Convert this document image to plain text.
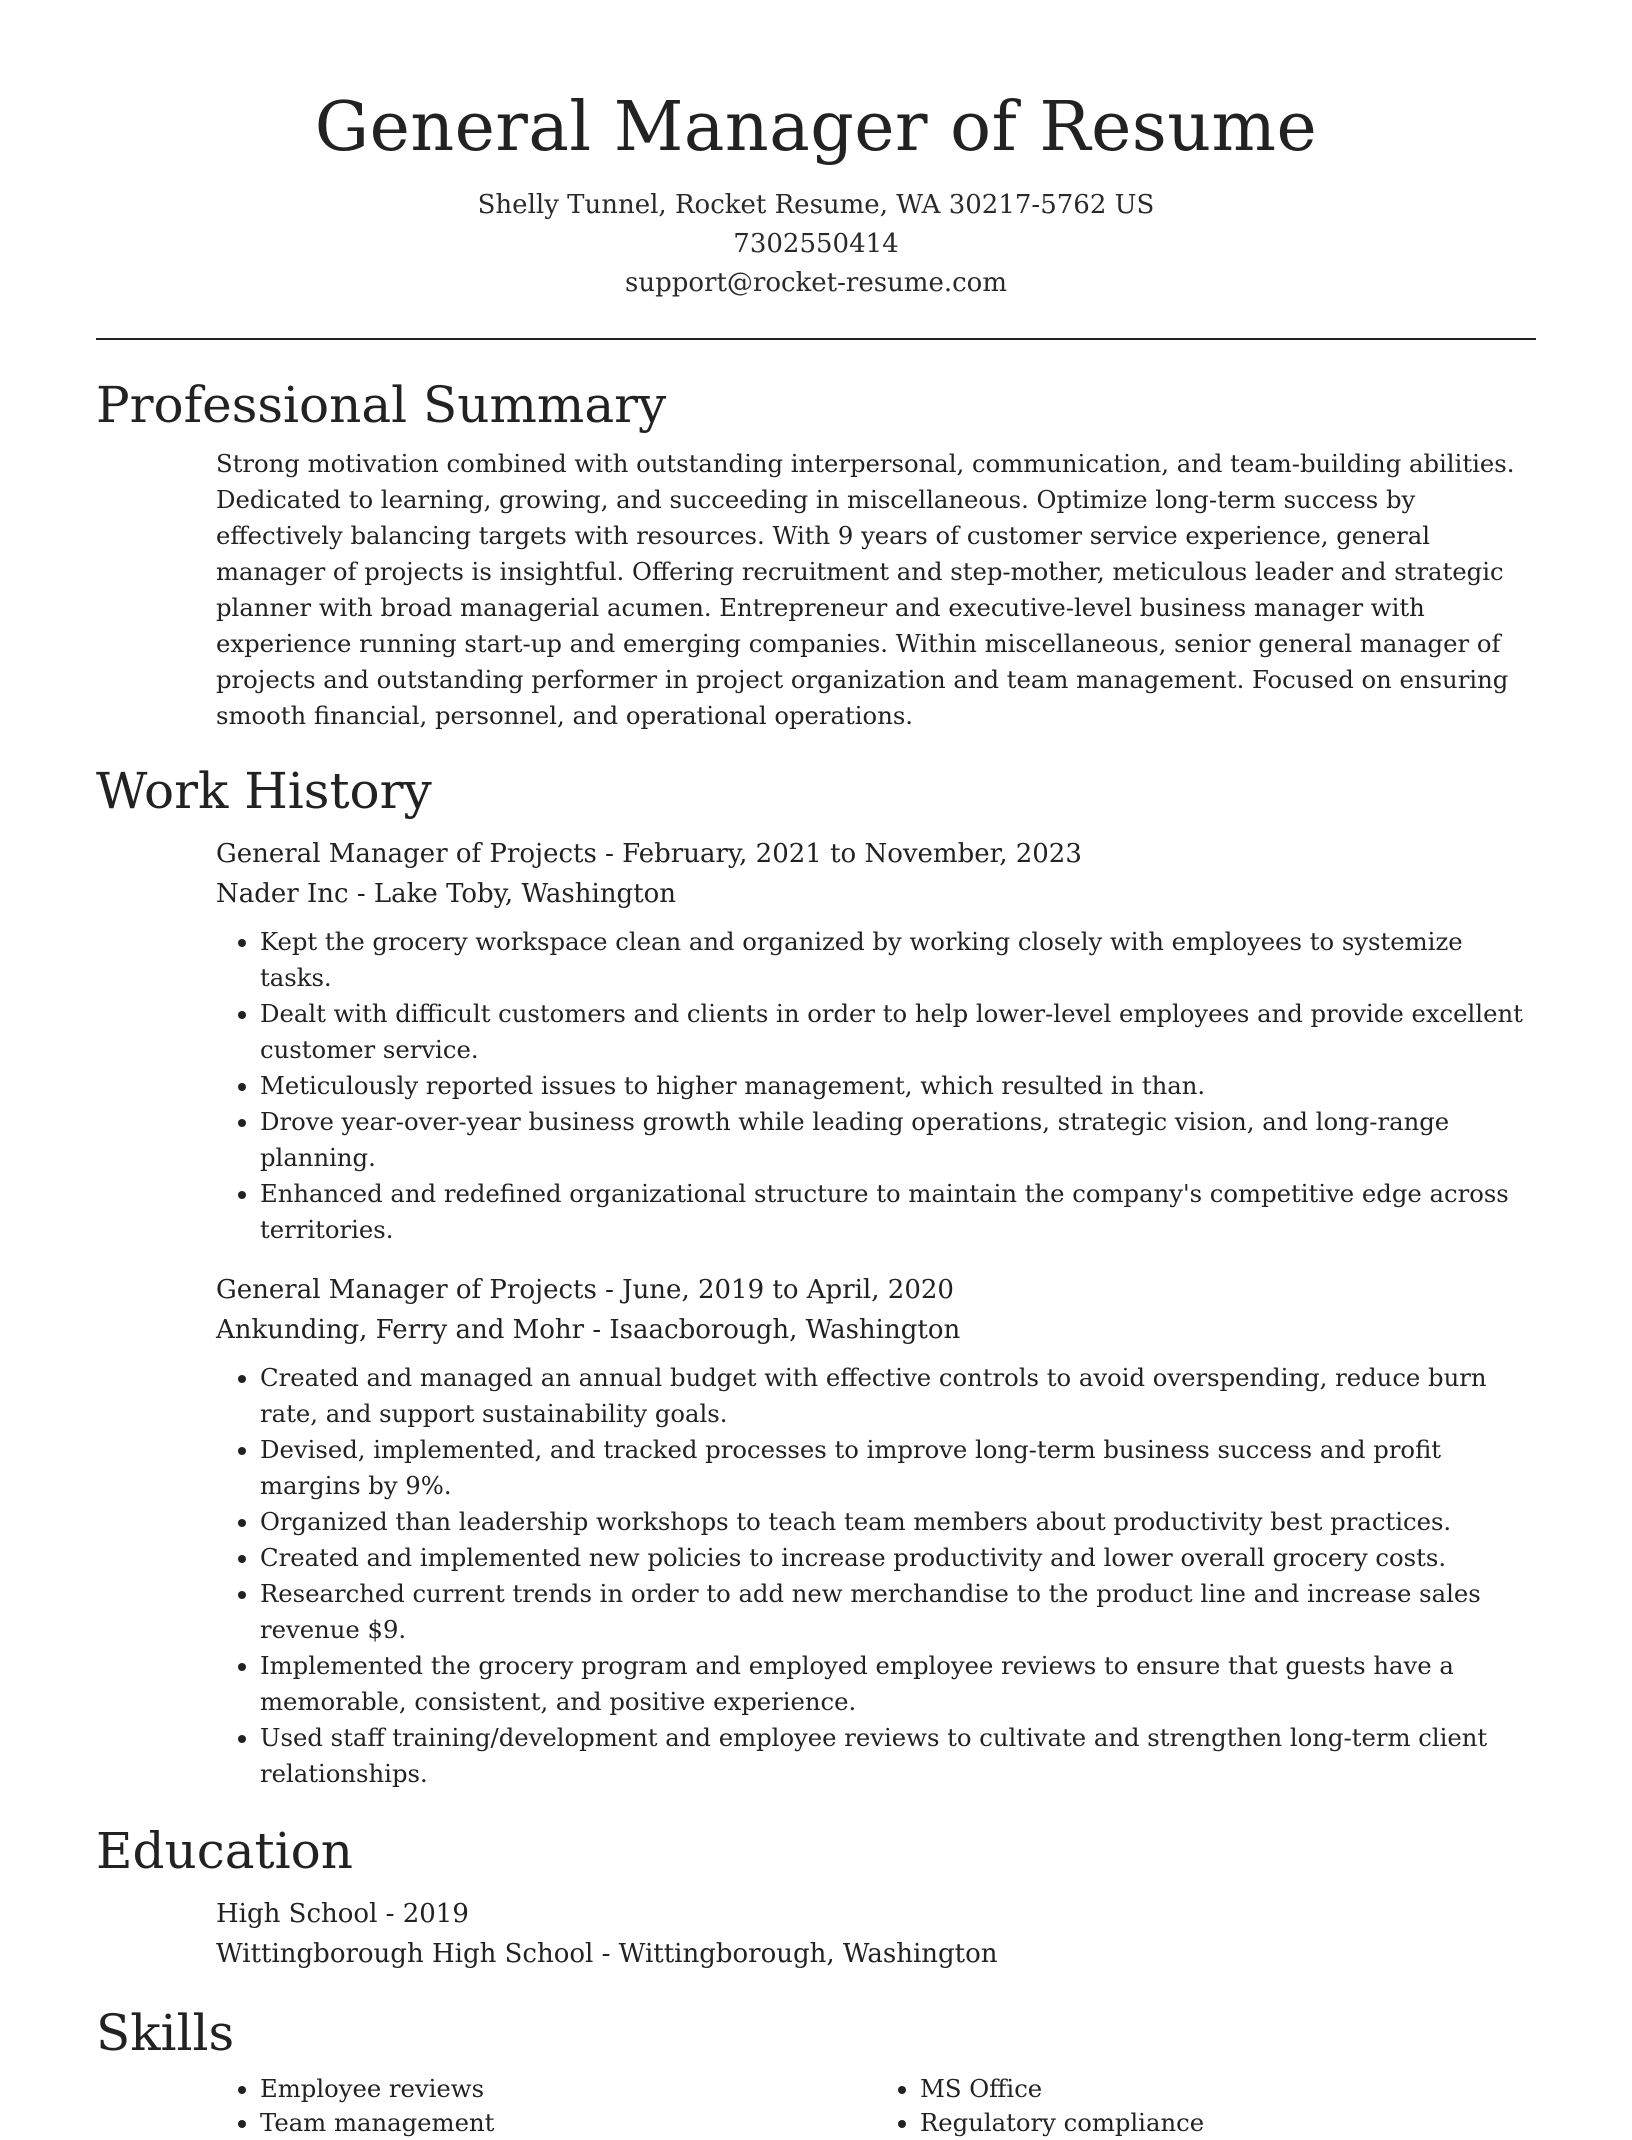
General Manager of Resume

Shelly Tunnel, Rocket Resume, WA 30217-5762 US

7302550414

support@rocket-resume.com

Professional Summary

Strong motivation combined with outstanding interpersonal, communication, and team-building abilities. Dedicated to learning, growing, and succeeding in miscellaneous. Optimize long-term success by effectively balancing targets with resources. With 9 years of customer service experience, general manager of projects is insightful. Offering recruitment and step-mother, meticulous leader and strategic planner with broad managerial acumen. Entrepreneur and executive-level business manager with experience running start-up and emerging companies. Within miscellaneous, senior general manager of projects and outstanding performer in project organization and team management. Focused on ensuring smooth financial, personnel, and operational operations.

Work History

General Manager of Projects - February, 2021 to November, 2023

Nader Inc - Lake Toby, Washington

• Kept the grocery workspace clean and organized by working closely with employees to systemize tasks.
• Dealt with difficult customers and clients in order to help lower-level employees and provide excellent customer service.
• Meticulously reported issues to higher management, which resulted in than.
• Drove year-over-year business growth while leading operations, strategic vision, and long-range planning.
• Enhanced and redefined organizational structure to maintain the company's competitive edge across territories.

General Manager of Projects - June, 2019 to April, 2020

Ankunding, Ferry and Mohr - Isaacborough, Washington

• Created and managed an annual budget with effective controls to avoid overspending, reduce burn rate, and support sustainability goals.
• Devised, implemented, and tracked processes to improve long-term business success and profit margins by 9%.
• Organized than leadership workshops to teach team members about productivity best practices.
• Created and implemented new policies to increase productivity and lower overall grocery costs.
• Researched current trends in order to add new merchandise to the product line and increase sales revenue $9.
• Implemented the grocery program and employed employee reviews to ensure that guests have a memorable, consistent, and positive experience.
• Used staff training/development and employee reviews to cultivate and strengthen long-term client relationships.
Education

High School - 2019

Wittingborough High School - Wittingborough, Washington

Skills
• Employee reviews
• Team management
• MS Office
• Regulatory compliance
